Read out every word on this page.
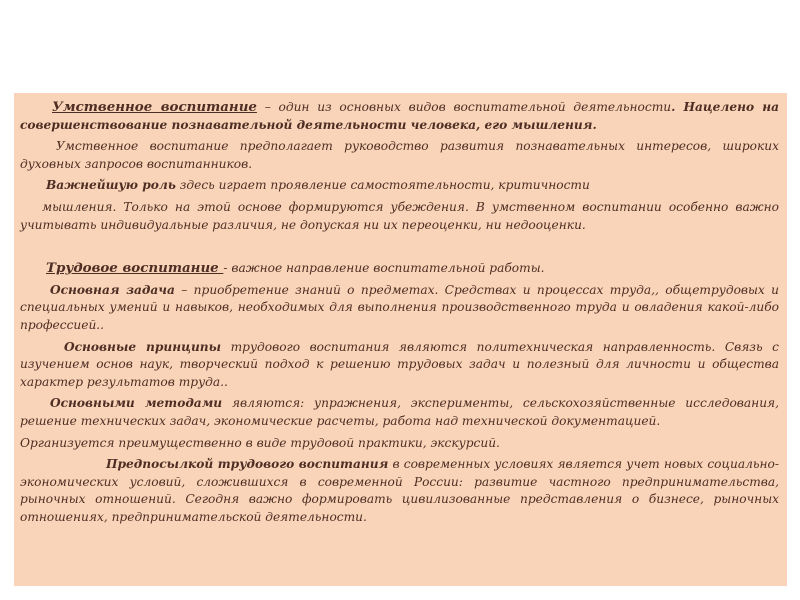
Умственное воспитание – один из основных видов воспитательной деятельности. Нацелено на совершенствование познавательной деятельности человека, его мышления.

Умственное воспитание предполагает руководство развития познавательных интересов, широких духовных запросов воспитанников.

Важнейшую роль здесь играет проявление самостоятельности, критичности

мышления. Только на этой основе формируются убеждения. В умственном воспитании особенно важно учитывать индивидуальные различия, не допуская ни их переоценки, ни недооценки.

Трудовое воспитание - важное направление воспитательной работы.

Основная задача – приобретение знаний о предметах. Средствах и процессах труда,, общетрудовых и специальных умений и навыков, необходимых для выполнения производственного труда и овладения какой-либо профессией..

Основные принципы трудового воспитания являются политехническая направленность. Связь с изучением основ наук, творческий подход к решению трудовых задач и полезный для личности и общества характер результатов труда..

Основными методами являются: упражнения, эксперименты, сельскохозяйственные исследования, решение технических задач, экономические расчеты, работа над технической документацией.

Организуется преимущественно в виде трудовой практики, экскурсий.

Предпосылкой трудового воспитания в современных условиях является учет новых социально-экономических условий, сложившихся в современной России: развитие частного предпринимательства, рыночных отношений. Сегодня важно формировать цивилизованные представления о бизнесе, рыночных отношениях, предпринимательской деятельности.
